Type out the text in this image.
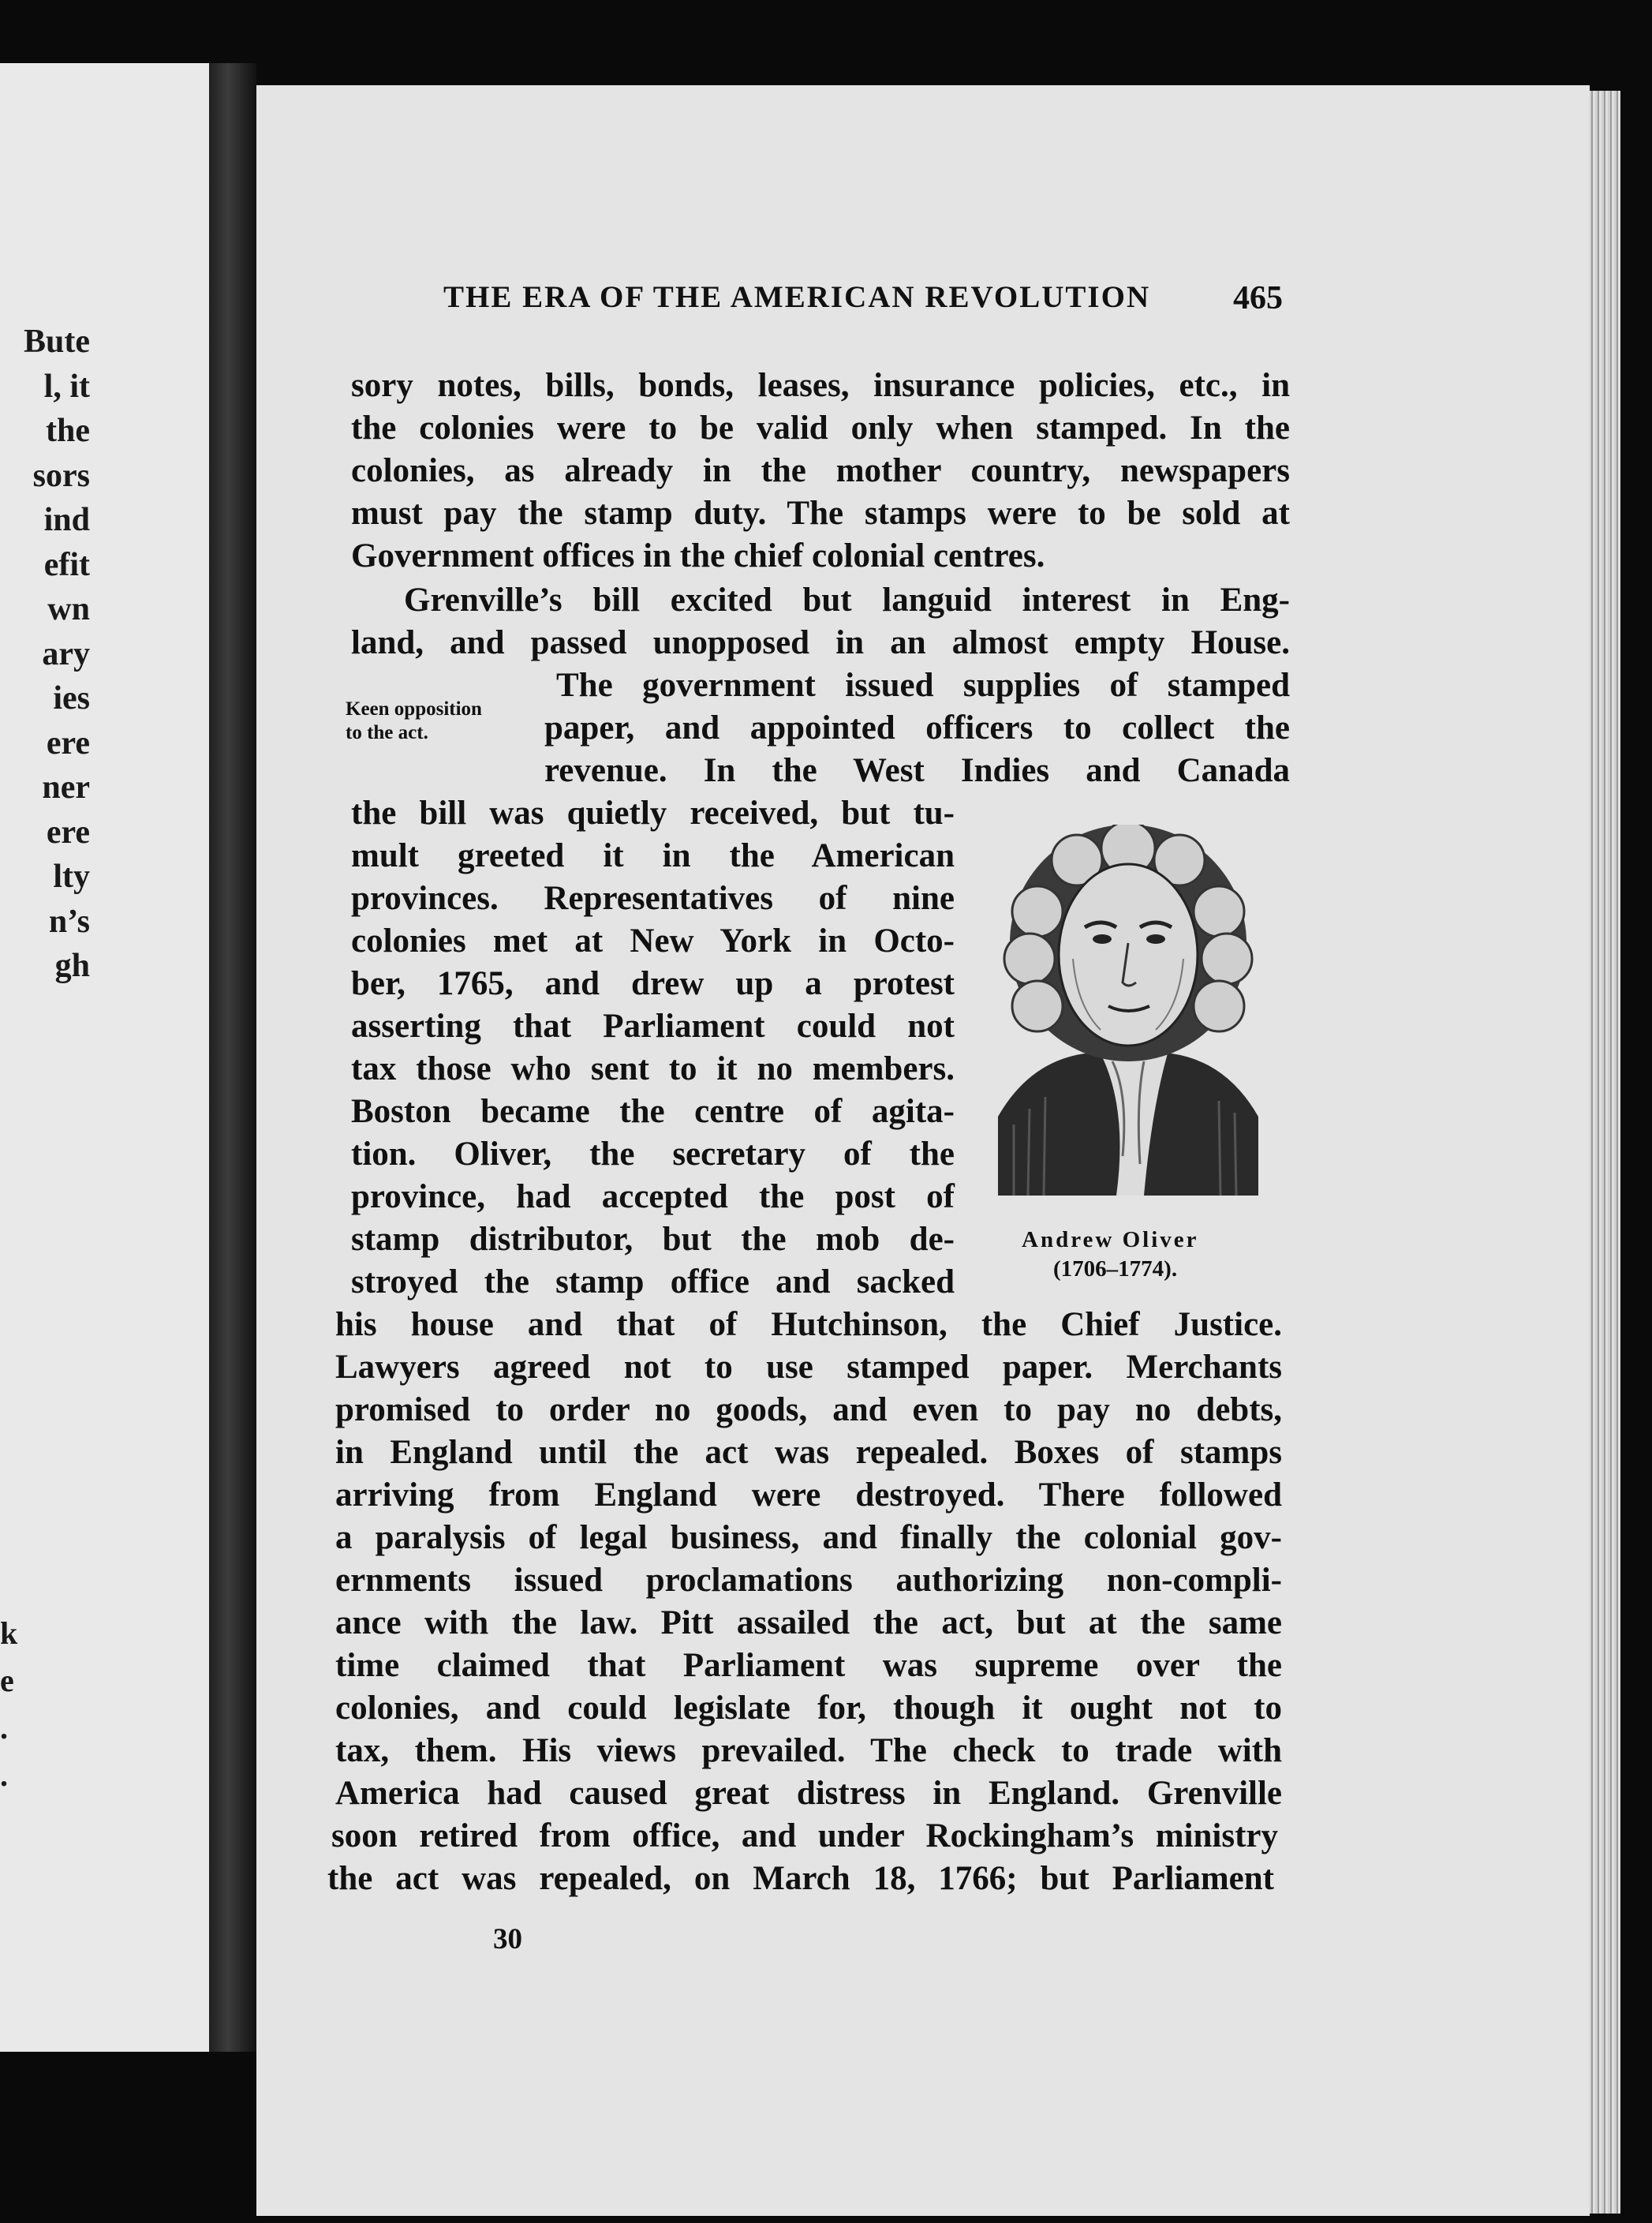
Bute
l, it
the
sors
ind
efit
wn
ary
ies
ere
ner
ere
lty
n’s
gh
k
e
.
.
THE ERA OF THE AMERICAN REVOLUTION 465
sory notes, bills, bonds, leases, insurance policies, etc., in
the colonies were to be valid only when stamped. In the
colonies, as already in the mother country, newspapers
must pay the stamp duty. The stamps were to be sold at
Government offices in the chief colonial centres.
Grenville’s bill excited but languid interest in Eng-
land, and passed unopposed in an almost empty House.
Keen opposition
to the act.
The government issued supplies of stamped
paper, and appointed officers to collect the
revenue. In the West Indies and Canada
the bill was quietly received, but tu-
mult greeted it in the American
provinces. Representatives of nine
colonies met at New York in Octo-
ber, 1765, and drew up a protest
asserting that Parliament could not
tax those who sent to it no members.
Boston became the centre of agita-
tion. Oliver, the secretary of the
province, had accepted the post of
stamp distributor, but the mob de-
stroyed the stamp office and sacked
Andrew Oliver
(1706–1774).
his house and that of Hutchinson, the Chief Justice.
Lawyers agreed not to use stamped paper. Merchants
promised to order no goods, and even to pay no debts,
in England until the act was repealed. Boxes of stamps
arriving from England were destroyed. There followed
a paralysis of legal business, and finally the colonial gov-
ernments issued proclamations authorizing non-compli-
ance with the law. Pitt assailed the act, but at the same
time claimed that Parliament was supreme over the
colonies, and could legislate for, though it ought not to
tax, them. His views prevailed. The check to trade with
America had caused great distress in England. Grenville
soon retired from office, and under Rockingham’s ministry
the act was repealed, on March 18, 1766; but Parliament
30
